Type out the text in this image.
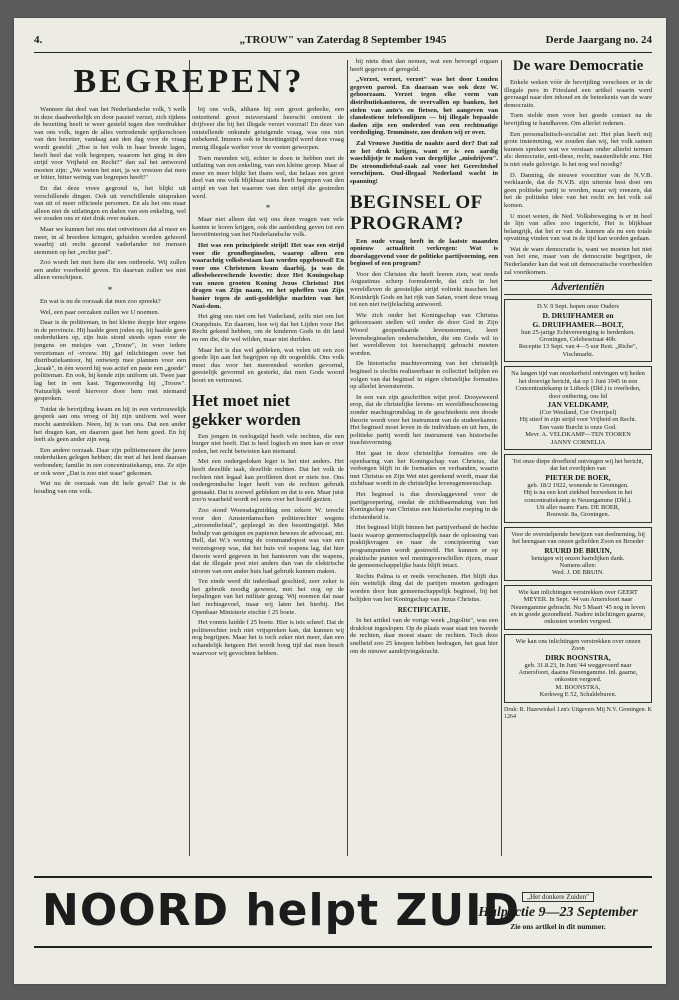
4.	„TROUW" van Zaterdag 8 September 1945	Derde Jaargang no. 24
BEGREPEN?

Wanneer dat deel van het Nederlandsche volk, 't welk in deze daadwerkelijk en door passief verzet, zich tijdens de bezetting heeft te weer gesteld tegen den verdrukker van ons volk, tegen de alles vertredende spijkerschoen van den bezetter, vandaag aan den dag voor de vraag wordt gesteld: „Hoe is het volk in haar breede lagen, heeft heel dat volk begrepen, waarom het ging in den strijd voor Vrijheid en Recht?" dan zal het antwoord moeten zijn: „We weten het niet, ja we vreezen dat men er bitter, bitter weinig van begrepen heeft!"

En dat deze vrees gegrond is, het blijkt uit verschillende dingen. Ook uit verschillende uitspraken van uit of meer officieele personen. En als het ons maar alleen niet de uitlatingen en daden van een enkeling, wel we zouden ons er niet druk over maken.

Maar we kunnen het ons niet ontveinzen dat al meer en meer, in al breedere kringen, geluiden worden gehoord waarbij uit recht gezond vaderlander tot mensen stemmen op het „rechte pad".

Zoo wordt het met hem die een ontbreekt. Wij zullen een ander voorbeeld geven. En daarvan zullen we niet alleen verschijnen.

*

En wat is nu de oorzaak dat men zoo spreekt?

Wel, een paar oorzaken zullen we U noemen.

Daar is de politieman, in het kleine dorpje hier ergens in de provincie. Hij haalde geen joden op, hij haalde geen onderduikers op, zijn huis stond steeds open voor de jongens en meisjes van „Trouw", in voor iedere verzetsman of -vrouw. Hij gaf inlichtingen over het distributiekantoor, hij ontwierp mee plannen voor een „kraak", in één woord hij was actief en paste een „goede" politieman. En ook, hij kende zijn uniform uit. Twee jaar lag het in een kast. Tegenwoordig bij „Trouw". Natuurlijk werd hiervoor door hem met niemand gesproken.

Totdat de bevrijding kwam en hij in een vertrouwelijk gesprek aan ons vroeg of hij zijn uniform wel weer mocht aantrekken. Neen, hij is van ons. Dat een ander het dragen kan, en daarom gaat het hem goed. En hij leeft als geen ander zijn weg.

Een andere oorzaak. Daar zijn politiemensen die jaren onderduiken gelegen hebben; die met al het leed daaraan verbonden; familie in een concentratiekamp, enz. Ze zijn er ook weer „Dat is zoo niet waar" gekomen.

Wat nu de oorzaak van dit hele geval? Dat is de houding van ons volk.

bij ons volk, althans bij een groot gedeelte, een ontzettend groot misverstand heerscht omtrent de drijfveer die bij het illegale verzet voorzat! En deze van ontstellende onkunde getuigende vraag, was ons niet onbekend. Immers ook in bezettingstijd werd deze vraag menig illegale werker voor de voeten geworpen.

Toen meenden wij, echter te doen te hebben met de uitlating van een enkeling, van een kleine groep. Maar al meer en meer blijkt het thans wel, dat helaas een groot deel van ons volk blijkbaar niets heeft begrepen van den strijd en van het waarom van den strijd die gestreden werd.

*

Maar niet alleen dat wij ons deze vragen van vele kanten te horen krijgen, ook die aanleiding geven tot een heroriëntering van het Nederlandsche volk.

Het was een principieele strijd! Het was een strijd voor die grondbeginselen, waarop alleen een waarachtig volksbestaan kan worden opgebouwd! En voor ons Christenen kwam daarbij, ja was de allesbeheerschende kwestie: deze Het Koningschap van onzen grooten Koning Jezus Christus! Het dragen van Zijn naam, en het opheffen van Zijn banier tegen de anti-goddelijke machten van het Nazi-dom.

Het ging ons niet om het Vaderland, zelfs niet om het Oranjehuis. En daarom, hoe wij dat het Lijden voor Het Recht gekend hebben, om de kinderen Gods in dit land en om die, die wel wilden, maar niet durfden.

Maar het is dus wel gebleken, wat velen uit een zoo goede lijn aan het begrijpen op dit oogenblik. Ons volk moet dus voor het meerendeel worden gevormd, geestelijk gevormd en gesterkt, dat men Gods woord hoort en vertrouwt.

Het moet niet gekker worden

Een jongen in oorlogstijd heeft vele rechten, die een burger niet heeft. Dat is heel logisch en men kan er over reden, het recht betwisten kan niemand.

Met een ondergedoken leger is het niet anders. Het heeft dezelfde taak, dezelfde rechten. Dat het volk de rechten niet legaal kan profileren doet er niets toe. Ons ondergrondsche leger heeft van de rechten gebruik gemaakt. Dat is zoowel gebleken en dat is een. Maar juist zoo'n waarheid wordt eel eens over het hoofd gezien.

Zoo stond Woensdagmiddag een zekere W. terecht voor den Amsterdamschen politierechter wegens „stroomdiefstal", gepleegd in den bezettingstijd. Met behulp van getuigen en papieren bewees de advocaat, mr. Hell, dat W.'s woning de commandopost was van een verzetsgroep was, dat het huis vol wapens lag, dat hier theorie werd gegeven in het hanteeren van die wapens, dat de illegale post niet anders dan van de elektrische stroom van een ander huis had gebruik kunnen maken.

Ten einde werd dit inderdaad geschied, zeer zeker is het gebruik noodig geweest, met het oog op de bepalingen van het militair gezag. Wij noemen dat naar het rechtsgevoel, maar wij laten het hierbij. Het Openbaar Ministerie eischte f 25 boete.

Het vonnis luidde f 25 boete. Hier is iets scheef. Dat de politierechter toch niet vrijspreken kan, dat kunnen wij nog begrijpen. Maar het is toch zeker niet meer, dan een schandelijk hetgeen Het wordt hoog tijd dat men beseft waarvoor wij gevochten hebben.

bij niets doet dan nemen, wat een bevoegd orgaan heeft gegeven of geregeld.

„Verzet, verzet, verzet" was het door Londen gegeven parool. En daaraan was ook deze W. gehoorzaam. Verzet tegen elke vorm van distributiekantoren, de overvallen op banken, het stelen van auto's en fietsen, het aangeven van clandestiene telefoonlijnen — bij illegale bepaalde daden zijn een onderdeel van een rechtmatige verdediging. Temminste, zoo denken wij er over.

Zal Vrouwe Justitia de naakte aard der? Dat zal ze het druk krijgen, want er is een aardig waschlijstje te maken van dergelijke „misdrijven". De stroomdiefstal-zaak zal voor het Gerechtshof verschijnen. Oud-illegaal Nederland wacht in spanning!

BEGINSEL OF PROGRAM?

Een oude vraag heeft in de laatste maanden opnieuw actualiteit verkregen: Wat is doorslaggevend voor de politieke partijvorming, een beginsel of een program?

Voor den Christen die heeft leeren zien, wat reeds Augustinus scherp formuleerde, dat zich in het wereldleven de geestelijke strijd voltrekt tusschen het Koninkrijk Gods en het rijk van Satan, voert deze vraag tot een niet twijfelachtig antwoord.

Wie zich onder het Koningschap van Christus gehoorzaam stellen wil onder de door God in Zijn Woord geopenbaarde levensnormen, leert levensbeginselen onderscheiden, die om Gods wil in het wereldleven tot heerschappij gebracht moeten worden.

De historische machtsvorming van het christelijk beginsel is slechts realiseerbaar in collectief belijden en volgen van dat beginsel in eigen christelijke formaties op allerlei levensterrein.

In een van zijn geschriften wijst prof. Dooyeweerd erop, dat de christelijke levens- en wereldbeschouwing zonder machtsgrondslag in de geschiedenis een doode theorie wordt voor het instrument van de studeerkamer. Het beginsel moet leven in de individuen en uit hen, de politieke partij wordt het instrument van historische machtsvorming.

Het gaat in deze christelijke formaties om de openbaring van het Koningschap van Christus, dat verborgen blijft in de formaties en verbanden, waarin met Christus en Zijn Wet niet gerekend wordt, maar dat zichtbaar wordt in de christelijke levensgemeenschap.

Het beginsel is dus doorslaggevend voor de partijgroepering, omdat de zichtbaarmaking van het Koningschap van Christus een historische roeping in de christenheid is.

Het beginsel blijft binnen het partijverband de hechte basis waarop gemeenschappelijk naar de oplossing van praktijkvragen en naar de concipieering van programpunten wordt gestreefd. Het kunnen er op praktische punten wel meningsverschillen rijzen, maar de gemeenschappelijke basis blijft intact.

Rechts Palma is er reeds verschenen. Het blijft dus één wettelijk ding dat de partijen moeten gedragen worden door hun gemeenschappelijk beginsel, bij het belijden van het Koningschap van Jezus Christus.

RECTIFICATIE.

In het artikel van de vorige week „Ingolite", was een drukfout ingeslopen. Op de plaats waar staat ten tweede de rechten, daar moest staan: de rechten. Toch deze snelheid zoo 25 knopen hebben bedragen, het gaat hier om de nieuwe aandrijvingskracht.

De ware Democratie

Enkele weken vóór de bevrijding verscheen er in de illegale pers in Friesland een artikel waarin werd gevraagd naar den inhoud en de beteekenis van de ware democratie.

Toen stelde men voor het goede contact na de bevrijding te handhaven. Om allerlei redenen.

Een personalistisch-socialist zei: Het plan heeft mij grote instemming, we zouden dan wij, het volk samen kunnen spreken wat we verstaan onder allerlei termen als: democratie, anti-these, recht, naastenliefde enz. Het is niet oude gelovige. Is het nog wel noodig?

D. Danning, de nieuwe voorzitter van de N.V.B. verklaarde, dat de N.V.B. zijn uiterste best doet om geen politieke partij te worden, maar wij vreezen, dat het de politieke idee van het recht en het volk zal komen.

U moet weten, de Ned. Volksbeweging is er in heel de lijn van alles zoo ingericht, Het is blijkbaar belangrijk, dat het er van de. kunnen als nu een totale opvatting vinden van wat in de tijd kan worden gedaan.

Wat de ware democratie is, want we moeten het niet van het ene, maar van de democratie begrijpen, de Nederlander kan dat wat uit democratische voorbeelden zal voortkomen.

Advertentiën
D.V. 9 Sept. hopen onze Ouders
D. DRUIFHAMER en
G. DRUIFHAMER—BOLT,
hun 25-jarige Echtvereeniging te herdenken.
Groningen, Celebesstraat 40b.
Receptie 13 Sept. van 4—5 uur Rest. „Riche", Vischmarkt.
Na langen tijd van onzekerheid ontvingen wij heden het droevige bericht, dat op 1 Juni 1945 in een Concentratiekamp te Lübeck (Dld.) is overleden, door ontbering, ons lid
JAN VELDKAMP,
(Cor Westland, Cor Overijsel)
Hij stierf in zijn strijd voor Vrijheid en Recht.
Een vaste Burcht is onze God.
Mevr. A. VELDKAMP—TEN TOOREN
JANNY CORNELIA
Tot onze diepe droefheid ontvingen wij het bericht, dat het overlijden van
PIETER DE BOER,
geb. 18/2 1922, wonende te Groningen.
Hij is na een kort ziekbed bezweken in het concentratiekamp te Neuengamme (Dld.).
Uit aller naam: Fam. DE BOER,
Rouwstr. 8a, Groningen.
Voor de overstelpende bewijzen van deelneming, bij het heengaan van onzen geliefden Zoon en Broeder
RUURD DE BRUIN,
betuigen wij onzen hartelijken dank.
Namens allen:
Wed. J. DE BRUIN.
Wie kan inlichtingen verstrekken over GEERT MEYER. In Sept. '44 van Amersfoort naar Neuengamme gebracht. Nu 5 Maart '45 nog in leven en in goede gezondheid. Nadere inlichtingen gaarne, onkosten worden vergoed.
Wie kan ons inlichtingen verstrekken over onzen Zoon
DIRK BOONSTRA,
geb. 31.8.23, In Juni '44 weggevoerd naar Amersfoort, daarna Neuengamme. Inl. gaarne, onkosten vergoed.
M. BOONSTRA,
Kerkweg E 52, Schaldeburen.

Druk: R. Hazewinkel J.zn's Uitgevers Mij N.V. Groningen. K 1264

NOORD helpt ZUID	„Het donkere Zuiden"
Hulpactie 9—23 September
Zie ons artikel in dit nummer.
